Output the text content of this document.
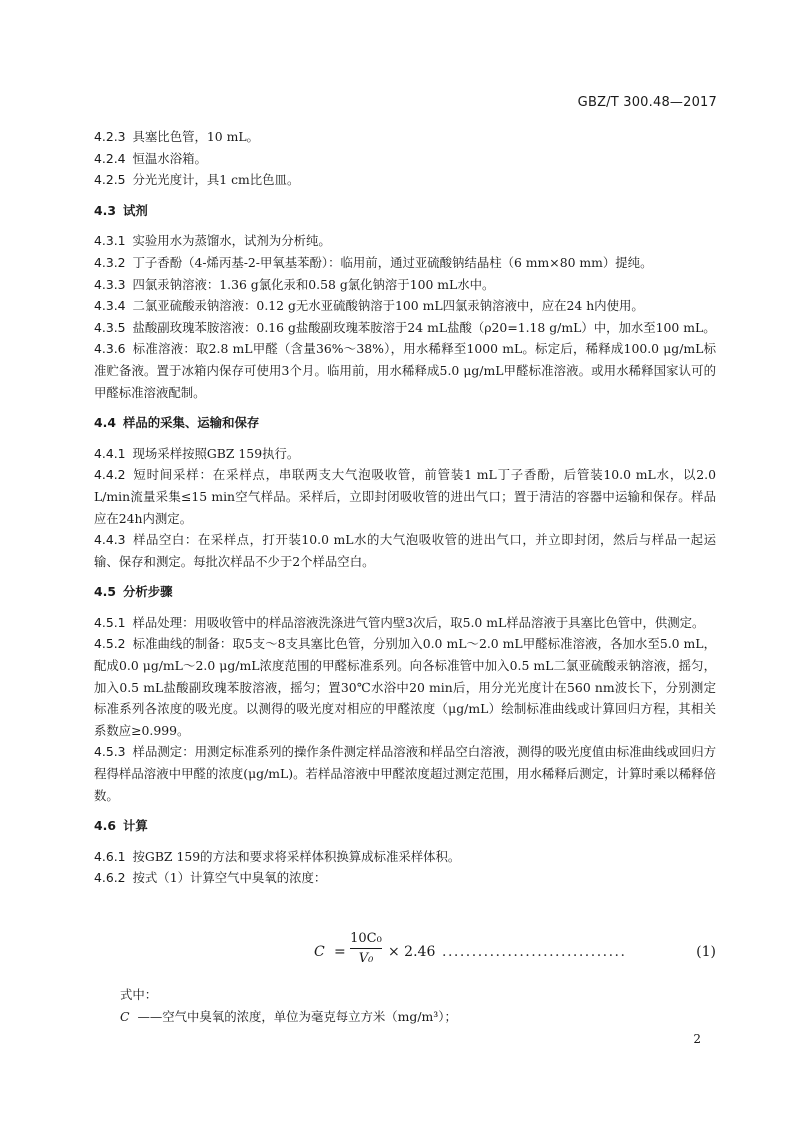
GBZ/T 300.48—2017

4.2.3 具塞比色管，10 mL。

4.2.4 恒温水浴箱。

4.2.5 分光光度计，具1 cm比色皿。

4.3 试剂

4.3.1 实验用水为蒸馏水，试剂为分析纯。

4.3.2 丁子香酚（4-烯丙基-2-甲氧基苯酚）：临用前，通过亚硫酸钠结晶柱（6 mm×80 mm）提纯。

4.3.3 四氯汞钠溶液：1.36 g氯化汞和0.58 g氯化钠溶于100 mL水中。

4.3.4 二氯亚硫酸汞钠溶液：0.12 g无水亚硫酸钠溶于100 mL四氯汞钠溶液中，应在24 h内使用。

4.3.5 盐酸副玫瑰苯胺溶液：0.16 g盐酸副玫瑰苯胺溶于24 mL盐酸（ρ20=1.18 g/mL）中，加水至100 mL。

4.3.6 标准溶液：取2.8 mL甲醛（含量36%～38%），用水稀释至1000 mL。标定后，稀释成100.0 μg/mL标准贮备液。置于冰箱内保存可使用3个月。临用前，用水稀释成5.0 μg/mL甲醛标准溶液。或用水稀释国家认可的甲醛标准溶液配制。

4.4 样品的采集、运输和保存

4.4.1 现场采样按照GBZ 159执行。

4.4.2 短时间采样：在采样点，串联两支大气泡吸收管，前管装1 mL丁子香酚，后管装10.0 mL水，以2.0 L/min流量采集≤15 min空气样品。采样后，立即封闭吸收管的进出气口；置于清洁的容器中运输和保存。样品应在24h内测定。

4.4.3 样品空白：在采样点，打开装10.0 mL水的大气泡吸收管的进出气口，并立即封闭，然后与样品一起运输、保存和测定。每批次样品不少于2个样品空白。

4.5 分析步骤

4.5.1 样品处理：用吸收管中的样品溶液洗涤进气管内壁3次后，取5.0 mL样品溶液于具塞比色管中，供测定。

4.5.2 标准曲线的制备：取5支～8支具塞比色管，分别加入0.0 mL～2.0 mL甲醛标准溶液，各加水至5.0 mL，配成0.0 μg/mL～2.0 μg/mL浓度范围的甲醛标准系列。向各标准管中加入0.5 mL二氯亚硫酸汞钠溶液，摇匀，加入0.5 mL盐酸副玫瑰苯胺溶液，摇匀；置30℃水浴中20 min后，用分光光度计在560 nm波长下，分别测定标准系列各浓度的吸光度。以测得的吸光度对相应的甲醛浓度（μg/mL）绘制标准曲线或计算回归方程，其相关系数应≥0.999。

4.5.3 样品测定：用测定标准系列的操作条件测定样品溶液和样品空白溶液，测得的吸光度值由标准曲线或回归方程得样品溶液中甲醛的浓度(μg/mL)。若样品溶液中甲醛浓度超过测定范围，用水稀释后测定，计算时乘以稀释倍数。

4.6 计算

4.6.1 按GBZ 159的方法和要求将采样体积换算成标准采样体积。

4.6.2 按式（1）计算空气中臭氧的浓度：

C =
10C₀
V₀	× 2.46 ...............................	(1)
式中：
C ——空气中臭氧的浓度，单位为毫克每立方米（mg/m³）；
2
